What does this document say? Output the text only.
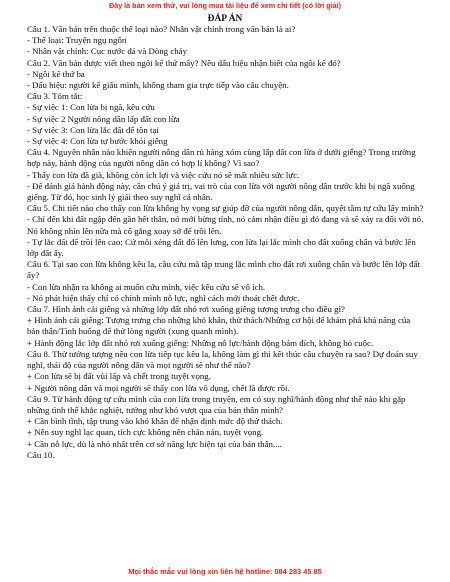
Đây là bản xem thử, vui lòng mua tài liệu để xem chi tiết (có lời giải)
ĐÁP ÁN

Câu 1. Văn bản trên thuộc thể loại nào? Nhân vật chính trong văn bản là ai?

- Thể loại: Truyện ngụ ngôn

- Nhân vật chính: Cục nước đá và Dòng chảy

Câu 2. Văn bản được viết theo ngôi kể thứ mấy? Nêu dấu hiệu nhận biết của ngôi kể đó?

- Ngôi kể thứ ba

- Dấu hiệu: người kể giấu mình, không tham gia trực tiếp vào câu chuyện.

Câu 3. Tóm tắt:

- Sự việc 1: Con lừa bị ngã, kêu cứu

- Sự việc 2 Người nông dân lấp đất con lừa

- Sự việc 3: Con lừa lắc đất để tồn tại

- Sự việc 4: Con lừa tự bước khỏi giếng

Câu 4. Nguyên nhân nào khiến người nông dân rủ hàng xóm cùng lấp đất con lừa ở dưới giếng? Trong trường hợp này, hành động của người nông dân có hợp lí không? Vì sao?

- Thấy con lừa đã già, không còn ích lợi và việc cứu nó sẽ mất nhiều sức lực.

- Để đánh giá hành động này, cần chú ý giá trị, vai trò của con lừa với người nông dân trước khi bị ngã xuống giếng. Từ đó, học sinh lý giải theo suy nghĩ cá nhân.

Câu 5. Chi tiết nào cho thấy con lừa không hy vọng sự giúp đỡ của người nông dân, quyết tâm tự cứu lấy mình?

- Chỉ đến khi đất ngập đến gần hết thân, nó mới bừng tỉnh, nó cảm nhận điều gì đó đang và sẽ xảy ra đối với nó. Nó không nhìn lên nữa mà cố gắng xoay sở để trồi lên.

- Tự lắc đất để trồi lên cao: Cứ mỗi xẻng đất đổ lên lưng, con lừa lại lắc mình cho đất xuống chân và bước lên lớp đất ấy.

Câu 6. Tại sao con lừa không kêu la, cầu cứu mà tập trung lắc mình cho đất rơi xuống chân và bước lên lớp đất ấy?

- Con lừa nhận ra không ai muốn cứu mình, việc kêu cứu sẽ vô ích.

- Nó phát hiện thấy chỉ có chính mình nỗ lực, nghĩ cách mới thoát chết được.

Câu 7. Hình ảnh cái giếng và những lớp đất nhỏ rơi xuống giếng tượng trưng cho điều gì?

+ Hình ảnh cái giếng: Tượng trưng cho những khó khăn, thử thách/Những cơ hội để khám phá khả năng của bản thân/Tình huống để thử lòng người (xung quanh mình).

+ Hành động lắc lớp đất nhỏ rơi xuống giếng: Những nỗ lực/hành động bảm đích, không bỏ cuộc.

Câu 8. Thử tưởng tượng nếu con lừa tiếp tục kêu la, không làm gì thì kết thúc câu chuyện ra sao? Dự đoán suy nghĩ, thái độ của người nông dân và mọi người sẽ như thế nào?

+ Con lừa sẽ bị đất vùi lấp và chết trong tuyệt vọng.

+ Người nông dân và mọi người sẽ thấy con lừa vô dụng, chết là được rồi.

Câu 9. Từ hành động tự cứu mình của con lừa trong truyện, em có suy nghĩ/hành động như thế nào khi gặp những tình thế khắc nghiệt, tưởng như khó vượt qua của bản thân mình?

+ Cần bình tĩnh, tập trung vào khó khăn để nhận định mức độ thử thách.

+ Nên suy nghĩ lạc quan, tích cực không nên chán nản, tuyệt vọng.

+ Cần nỗ lực, dù là nhỏ nhất trên cơ sở năng lực hiện tại của bản thân....

Câu 10.

Mọi thắc mắc vui lòng xin liên hệ hotline: 084 283 45 85
